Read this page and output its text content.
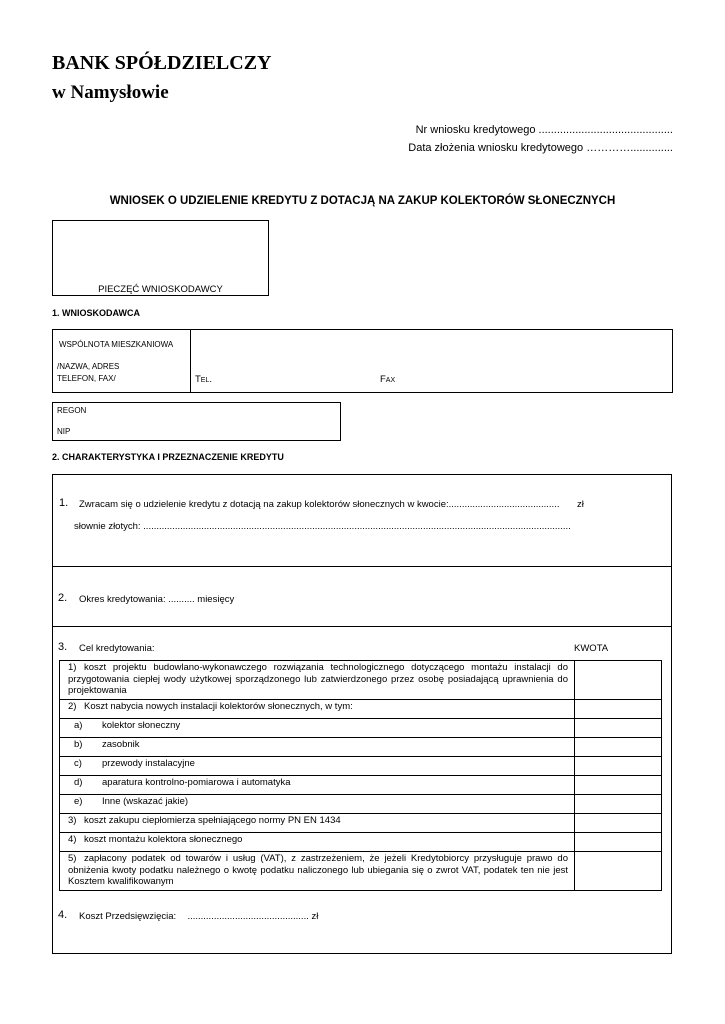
BANK SPÓŁDZIELCZY
w Namysłowie
Nr wniosku kredytowego ............................................
Data złożenia wniosku kredytowego …………..............
WNIOSEK O UDZIELENIE KREDYTU Z DOTACJĄ NA ZAKUP KOLEKTORÓW SŁONECZNYCH
PIECZĘĆ WNIOSKODAWCY
1. WNIOSKODAWCA
WSPÓLNOTA MIESZKANIOWA
/NAZWA, ADRES
TELEFON, FAX/	Tel.	Fax
REGON
NIP
2. CHARAKTERYSTYKA I PRZEZNACZENIE KREDYTU
1. Zwracam się o udzielenie kredytu z dotacją na zakup kolektorów słonecznych w kwocie:.......................................... zł
słownie złotych: ..................................................................................................................................................................
2. Okres kredytowania: .......... miesięcy
3. Cel kredytowania:	KWOTA
1) koszt projektu budowlano-wykonawczego rozwiązania technologicznego dotyczącego montażu instalacji do przygotowania ciepłej wody użytkowej sporządzonego lub zatwierdzonego przez osobę posiadającą uprawnienia do projektowania	
2) Koszt nabycia nowych instalacji kolektorów słonecznych, w tym:	
a) kolektor słoneczny	
b) zasobnik	
c) przewody instalacyjne	
d) aparatura kontrolno-pomiarowa i automatyka	
e) Inne (wskazać jakie)	
3) koszt zakupu ciepłomierza spełniającego normy PN EN 1434	
4) koszt montażu kolektora słonecznego	
5) zapłacony podatek od towarów i usług (VAT), z zastrzeżeniem, że jeżeli Kredytobiorcy przysługuje prawo do obniżenia kwoty podatku należnego o kwotę podatku naliczonego lub ubiegania się o zwrot VAT, podatek ten nie jest Kosztem kwalifikowanym	
4. Koszt Przedsięwzięcia: .............................................. zł
